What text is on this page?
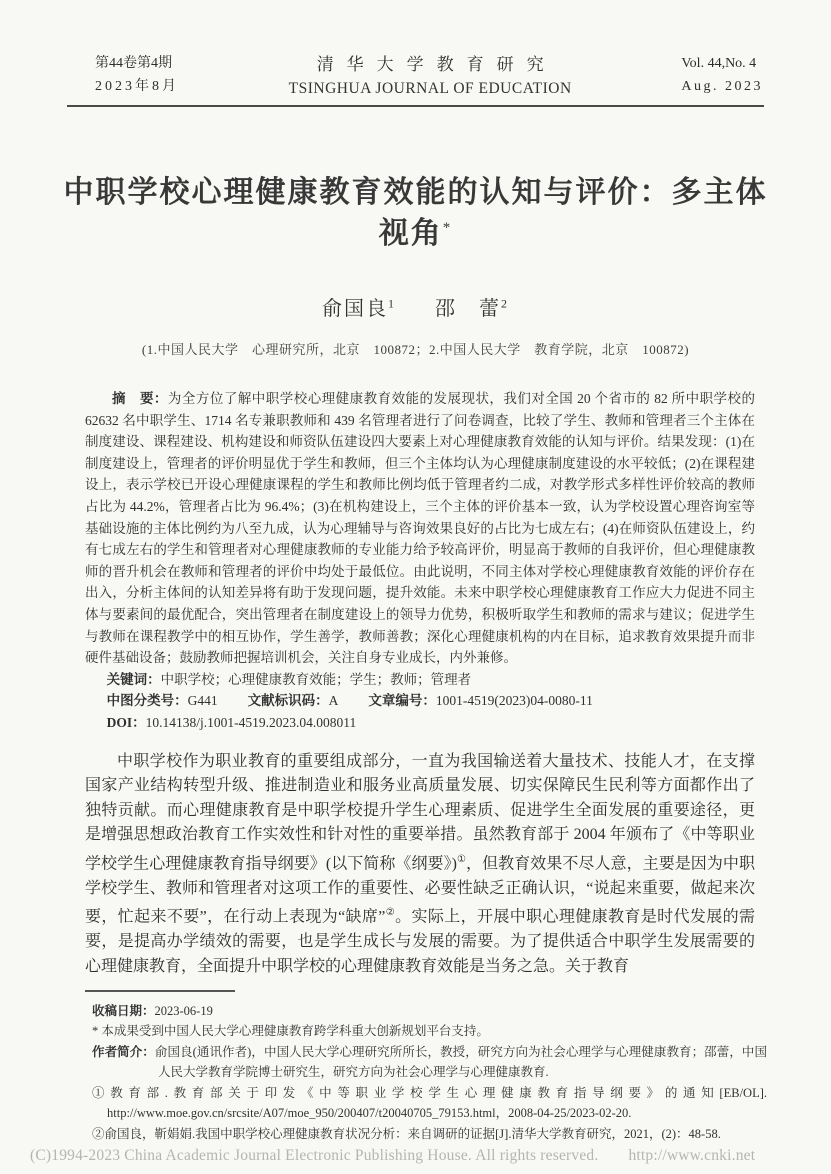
第44卷第4期
2023年8月
清华大学教育研究
TSINGHUA JOURNAL OF EDUCATION
Vol. 44,No. 4
Aug. 2023
中职学校心理健康教育效能的认知与评价：多主体视角*
俞国良$^1$ 邵　蕾$^2$
(1.中国人民大学　心理研究所，北京　100872；2.中国人民大学　教育学院，北京　100872)

摘　要：为全方位了解中职学校心理健康教育效能的发展现状，我们对全国 20 个省市的 82 所中职学校的 62632 名中职学生、1714 名专兼职教师和 439 名管理者进行了问卷调查，比较了学生、教师和管理者三个主体在制度建设、课程建设、机构建设和师资队伍建设四大要素上对心理健康教育效能的认知与评价。结果发现：(1)在制度建设上，管理者的评价明显优于学生和教师，但三个主体均认为心理健康制度建设的水平较低；(2)在课程建设上，表示学校已开设心理健康课程的学生和教师比例均低于管理者约二成，对教学形式多样性评价较高的教师占比为 44.2%，管理者占比为 96.4%；(3)在机构建设上，三个主体的评价基本一致，认为学校设置心理咨询室等基础设施的主体比例约为八至九成，认为心理辅导与咨询效果良好的占比为七成左右；(4)在师资队伍建设上，约有七成左右的学生和管理者对心理健康教师的专业能力给予较高评价，明显高于教师的自我评价，但心理健康教师的晋升机会在教师和管理者的评价中均处于最低位。由此说明，不同主体对学校心理健康教育效能的评价存在出入，分析主体间的认知差异将有助于发现问题，提升效能。未来中职学校心理健康教育工作应大力促进不同主体与要素间的最优配合，突出管理者在制度建设上的领导力优势，积极听取学生和教师的需求与建议；促进学生与教师在课程教学中的相互协作，学生善学，教师善教；深化心理健康机构的内在目标，追求教育效果提升而非硬件基础设备；鼓励教师把握培训机会，关注自身专业成长，内外兼修。

关键词：中职学校；心理健康教育效能；学生；教师；管理者

中图分类号：G441 文献标识码：A 文章编号：1001-4519(2023)04-0080-11

DOI：10.14138/j.1001-4519.2023.04.008011

中职学校作为职业教育的重要组成部分，一直为我国输送着大量技术、技能人才，在支撑国家产业结构转型升级、推进制造业和服务业高质量发展、切实保障民生民利等方面都作出了独特贡献。而心理健康教育是中职学校提升学生心理素质、促进学生全面发展的重要途径，更是增强思想政治教育工作实效性和针对性的重要举措。虽然教育部于 2004 年颁布了《中等职业学校学生心理健康教育指导纲要》(以下简称《纲要》)①，但教育效果不尽人意，主要是因为中职学校学生、教师和管理者对这项工作的重要性、必要性缺乏正确认识，“说起来重要，做起来次要，忙起来不要”，在行动上表现为“缺席”②。实际上，开展中职心理健康教育是时代发展的需要，是提高办学绩效的需要，也是学生成长与发展的需要。为了提供适合中职学生发展需要的心理健康教育，全面提升中职学校的心理健康教育效能是当务之急。关于教育

收稿日期：2023-06-19

* 本成果受到中国人民大学心理健康教育跨学科重大创新规划平台支持。

作者简介：俞国良(通讯作者)，中国人民大学心理研究所所长，教授，研究方向为社会心理学与心理健康教育；邵蕾，中国人民大学教育学院博士研究生，研究方向为社会心理学与心理健康教育.

①教育部.教育部关于印发《中等职业学校学生心理健康教育指导纲要》的通知[EB/OL]. http://www.moe.gov.cn/srcsite/A07/moe_950/200407/t20040705_79153.html，2008-04-25/2023-02-20.

②俞国良，靳娟娟.我国中职学校心理健康教育状况分析：来自调研的证据[J].清华大学教育研究，2021，(2)：48-58.

(C)1994-2023 China Academic Journal Electronic Publishing House. All rights reserved. http://www.cnki.net
